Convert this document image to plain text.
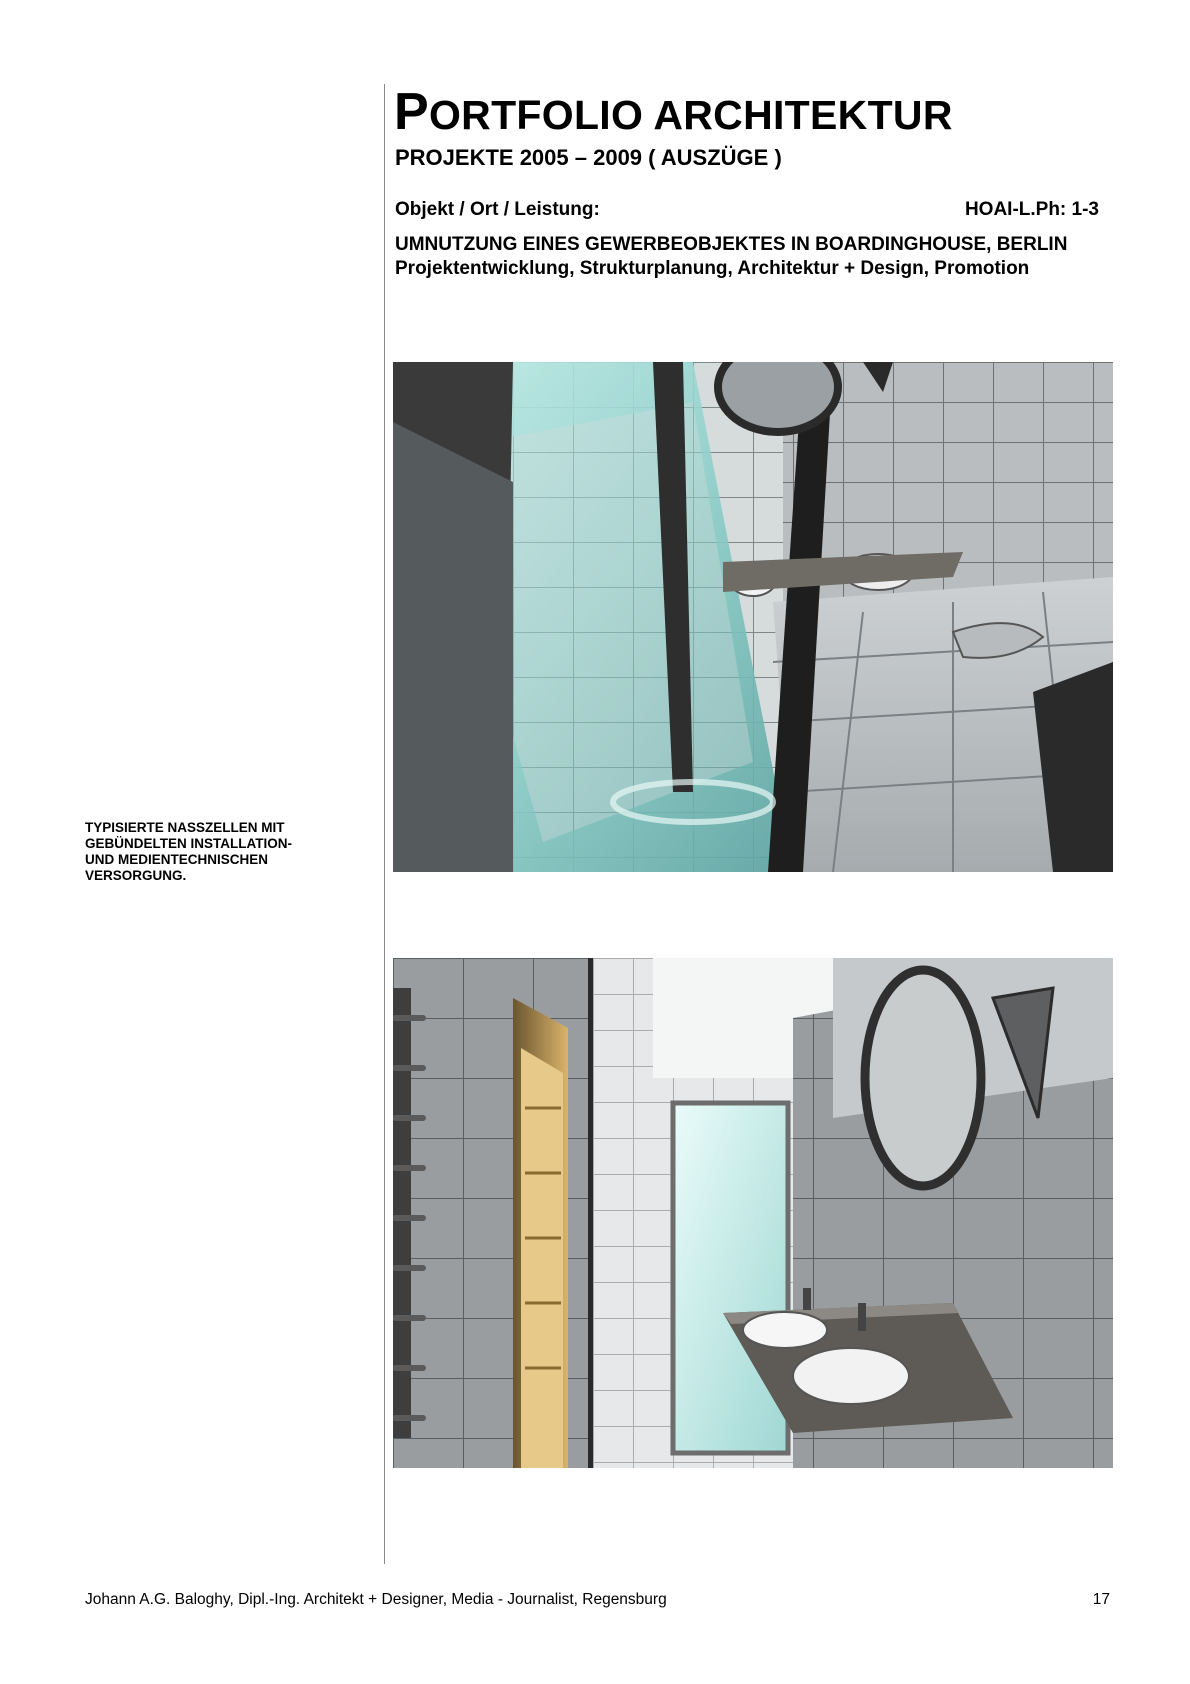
PORTFOLIO ARCHITEKTUR
PROJEKTE 2005 – 2009 ( AUSZÜGE )
Objekt / Ort / Leistung:	HOAI-L.Ph: 1-3
UMNUTZUNG EINES GEWERBEOBJEKTES IN BOARDINGHOUSE, BERLIN
Projektentwicklung, Strukturplanung, Architektur + Design, Promotion

TYPISIERTE NASSZELLEN MIT
GEBÜNDELTEN INSTALLATION-
UND MEDIENTECHNISCHEN
VERSORGUNG.

Johann A.G. Baloghy, Dipl.-Ing. Architekt + Designer, Media - Journalist, Regensburg	17
